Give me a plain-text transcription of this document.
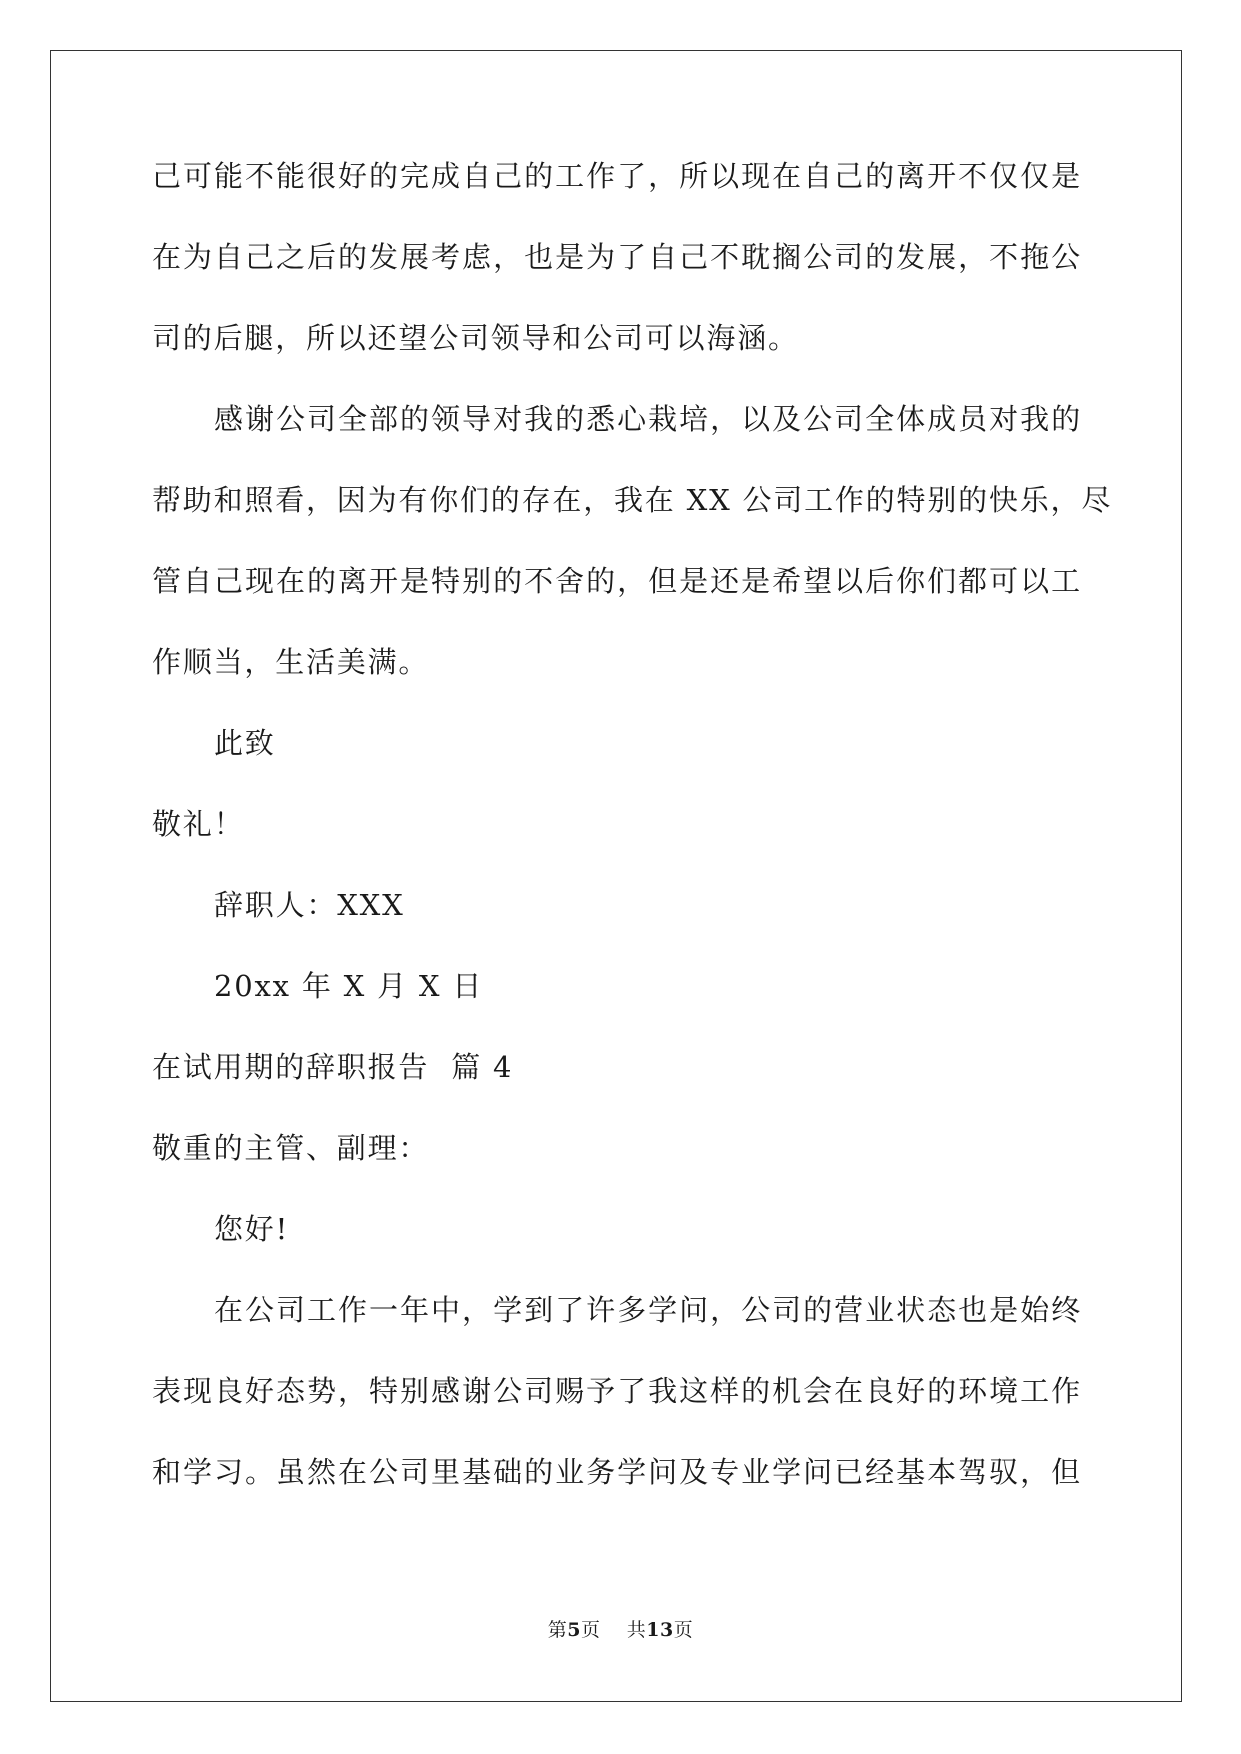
己可能不能很好的完成自己的工作了，所以现在自己的离开不仅仅是
在为自己之后的发展考虑，也是为了自己不耽搁公司的发展，不拖公
司的后腿，所以还望公司领导和公司可以海涵。
感谢公司全部的领导对我的悉心栽培，以及公司全体成员对我的
帮助和照看，因为有你们的存在，我在 XX 公司工作的特别的快乐，尽
管自己现在的离开是特别的不舍的，但是还是希望以后你们都可以工
作顺当，生活美满。
此致
敬礼！
辞职人：XXX
20xx 年 X 月 X 日
在试用期的辞职报告  篇 4
敬重的主管、副理：
您好!
在公司工作一年中，学到了许多学问，公司的营业状态也是始终
表现良好态势，特别感谢公司赐予了我这样的机会在良好的环境工作
和学习。虽然在公司里基础的业务学问及专业学问已经基本驾驭，但
第5页 共13页
